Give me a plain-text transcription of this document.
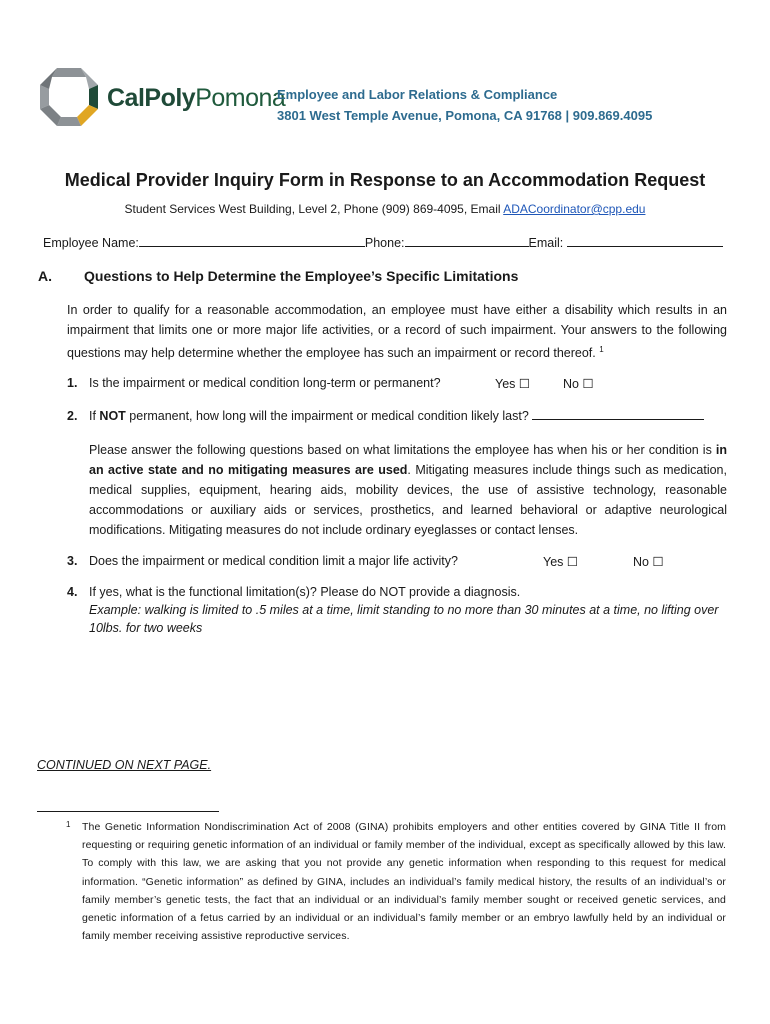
CalPolyPomona
Employee and Labor Relations & Compliance
3801 West Temple Avenue, Pomona, CA 91768 | 909.869.4095
Medical Provider Inquiry Form in Response to an Accommodation Request
Student Services West Building, Level 2, Phone (909) 869-4095, Email ADACoordinator@cpp.edu
Employee Name:	Phone:	Email:
A. Questions to Help Determine the Employee’s Specific Limitations
In order to qualify for a reasonable accommodation, an employee must have either a disability which results in an impairment that limits one or more major life activities, or a record of such impairment. Your answers to the following questions may help determine whether the employee has such an impairment or record thereof. $^1$
1. Is the impairment or medical condition long-term or permanent?	Yes ☐	No ☐
2. If NOT permanent, how long will the impairment or medical condition likely last?
Please answer the following questions based on what limitations the employee has when his or her condition is in an active state and no mitigating measures are used. Mitigating measures include things such as medication, medical supplies, equipment, hearing aids, mobility devices, the use of assistive technology, reasonable accommodations or auxiliary aids or services, prosthetics, and learned behavioral or adaptive neurological modifications. Mitigating measures do not include ordinary eyeglasses or contact lenses.
3. Does the impairment or medical condition limit a major life activity?	Yes ☐	No ☐
4. If yes, what is the functional limitation(s)? Please do NOT provide a diagnosis.
Example: walking is limited to .5 miles at a time, limit standing to no more than 30 minutes at a time, no lifting over 10lbs. for two weeks
CONTINUED ON NEXT PAGE.
1 The Genetic Information Nondiscrimination Act of 2008 (GINA) prohibits employers and other entities covered by GINA Title II from requesting or requiring genetic information of an individual or family member of the individual, except as specifically allowed by this law. To comply with this law, we are asking that you not provide any genetic information when responding to this request for medical information. “Genetic information” as defined by GINA, includes an individual’s family medical history, the results of an individual’s or family member’s genetic tests, the fact that an individual or an individual’s family member sought or received genetic services, and genetic information of a fetus carried by an individual or an individual’s family member or an embryo lawfully held by an individual or family member receiving assistive reproductive services.
